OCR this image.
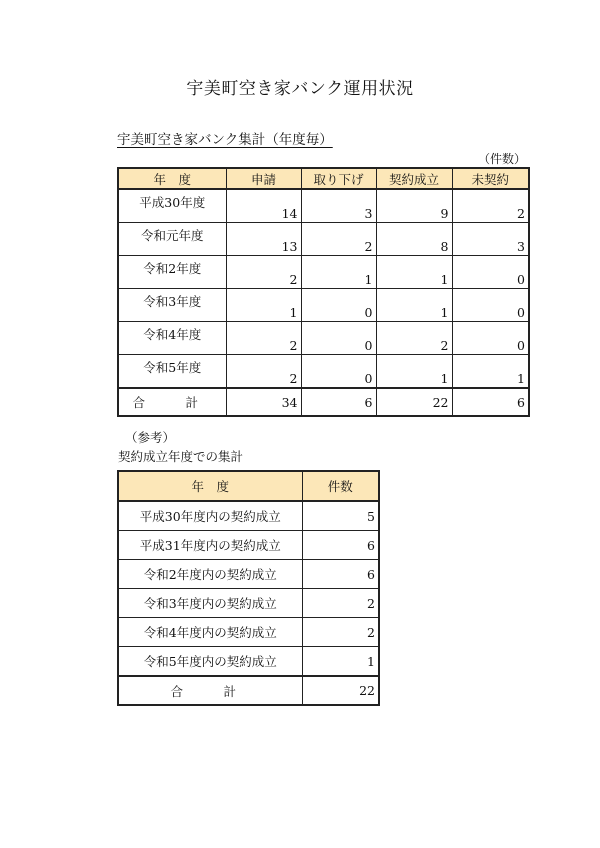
宇美町空き家バンク運用状況
宇美町空き家バンク集計（年度毎）
（件数）
年　度	申請	取り下げ	契約成立	未契約
平成30年度	14	3	9	2
令和元年度	13	2	8	3
令和2年度	2	1	1	0
令和3年度	1	0	1	0
令和4年度	2	0	2	0
令和5年度	2	0	1	1
合　計	34	6	22	6
（参考）
契約成立年度での集計
年　度	件数
平成30年度内の契約成立	5
平成31年度内の契約成立	6
令和2年度内の契約成立	6
令和3年度内の契約成立	2
令和4年度内の契約成立	2
令和5年度内の契約成立	1
合　計	22
